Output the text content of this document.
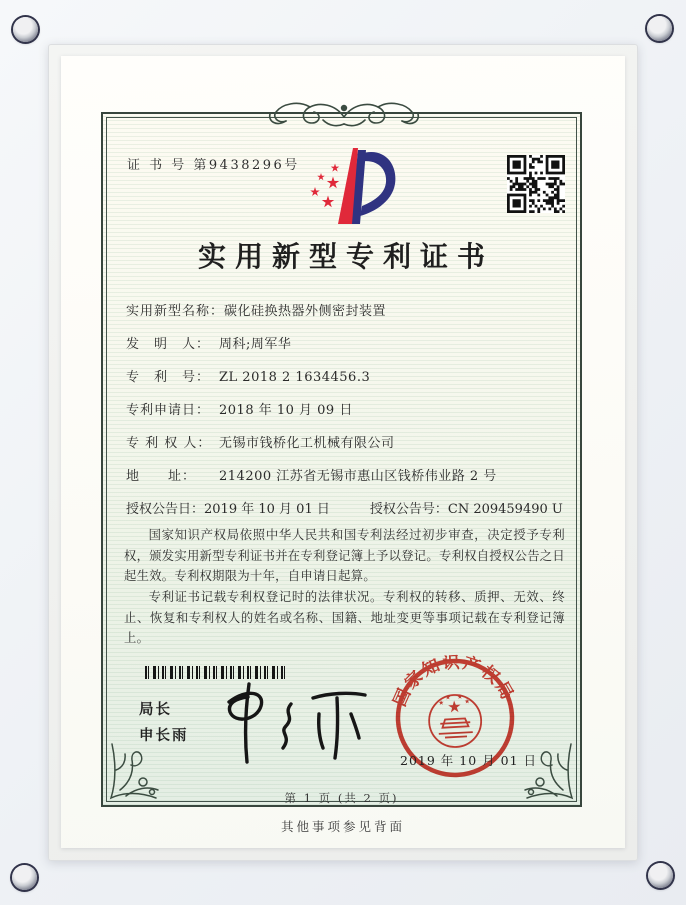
证 书 号 第9438296号
实用新型专利证书
实用新型名称：碳化硅换热器外侧密封装置
发　明　人： 周科;周军华
专　利　号： ZL 2018 2 1634456.3
专利申请日： 2018 年 10 月 09 日
专 利 权 人： 无锡市钱桥化工机械有限公司
地　　址： 214200 江苏省无锡市惠山区钱桥伟业路 2 号
授权公告日：2019 年 10 月 01 日	授权公告号：CN 209459490 U

国家知识产权局依照中华人民共和国专利法经过初步审查，决定授予专利权，颁发实用新型专利证书并在专利登记簿上予以登记。专利权自授权公告之日起生效。专利权期限为十年，自申请日起算。

专利证书记载专利权登记时的法律状况。专利权的转移、质押、无效、终止、恢复和专利权人的姓名或名称、国籍、地址变更等事项记载在专利登记簿上。

局长
申长雨
国家知识产权局
2019 年 10 月 01 日
第 1 页 (共 2 页)
其他事项参见背面
